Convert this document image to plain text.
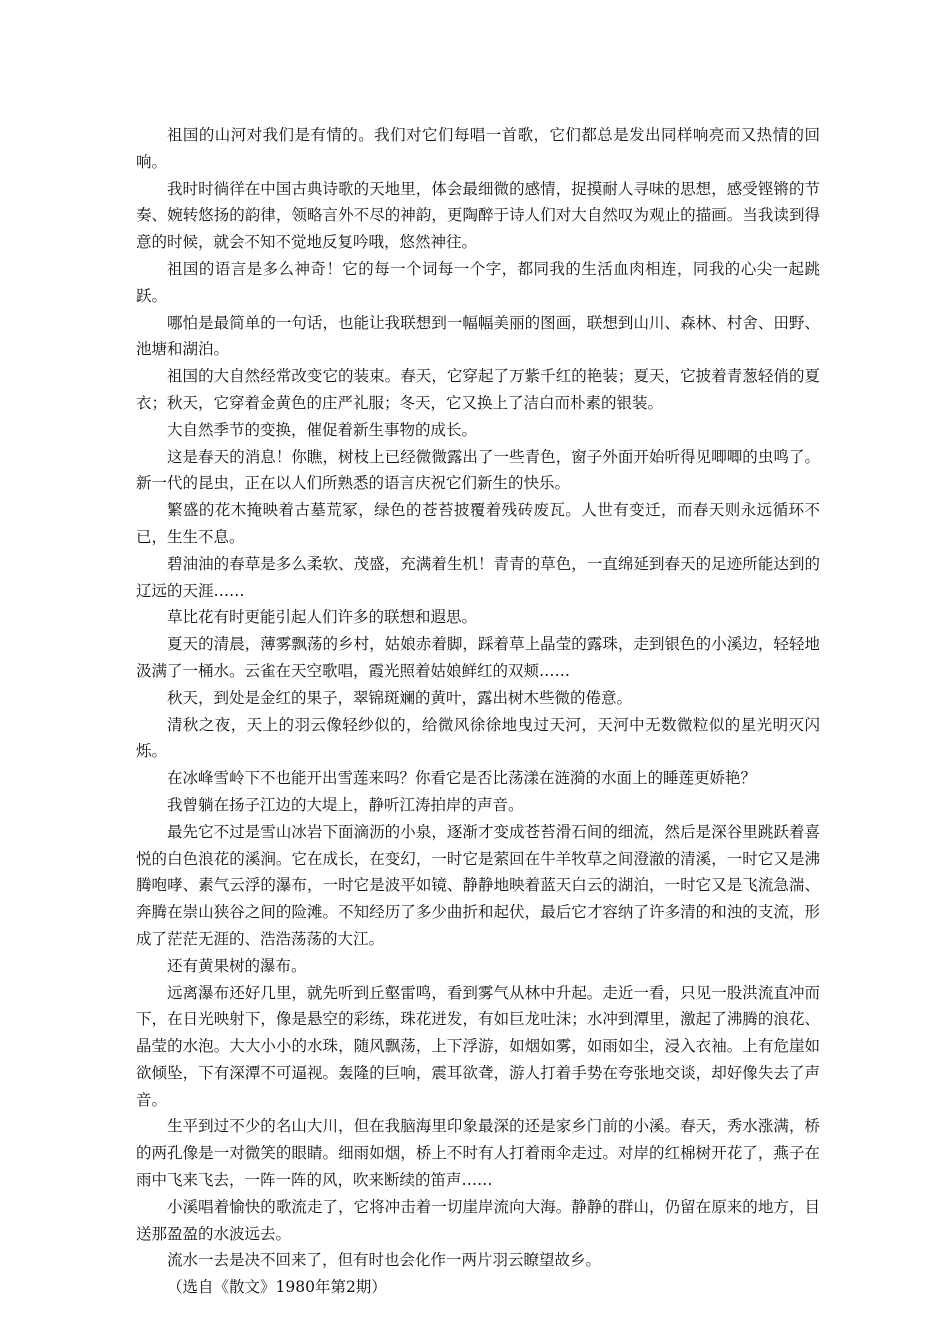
祖国的山河对我们是有情的。我们对它们每唱一首歌，它们都总是发出同样响亮而又热情的回响。

我时时徜徉在中国古典诗歌的天地里，体会最细微的感情，捉摸耐人寻味的思想，感受铿锵的节奏、婉转悠扬的韵律，领略言外不尽的神韵，更陶醉于诗人们对大自然叹为观止的描画。当我读到得意的时候，就会不知不觉地反复吟哦，悠然神往。

祖国的语言是多么神奇！它的每一个词每一个字，都同我的生活血肉相连，同我的心尖一起跳跃。

哪怕是最简单的一句话，也能让我联想到一幅幅美丽的图画，联想到山川、森林、村舍、田野、池塘和湖泊。

祖国的大自然经常改变它的装束。春天，它穿起了万紫千红的艳装；夏天，它披着青葱轻俏的夏衣；秋天，它穿着金黄色的庄严礼服；冬天，它又换上了洁白而朴素的银装。

大自然季节的变换，催促着新生事物的成长。

这是春天的消息！你瞧，树枝上已经微微露出了一些青色，窗子外面开始听得见唧唧的虫鸣了。新一代的昆虫，正在以人们所熟悉的语言庆祝它们新生的快乐。

繁盛的花木掩映着古墓荒冢，绿色的苍苔披覆着残砖废瓦。人世有变迁，而春天则永远循环不已，生生不息。

碧油油的春草是多么柔软、茂盛，充满着生机！青青的草色，一直绵延到春天的足迹所能达到的辽远的天涯……

草比花有时更能引起人们许多的联想和遐思。

夏天的清晨，薄雾飘荡的乡村，姑娘赤着脚，踩着草上晶莹的露珠，走到银色的小溪边，轻轻地汲满了一桶水。云雀在天空歌唱，霞光照着姑娘鲜红的双颊……

秋天，到处是金红的果子，翠锦斑斓的黄叶，露出树木些微的倦意。

清秋之夜，天上的羽云像轻纱似的，给微风徐徐地曳过天河，天河中无数微粒似的星光明灭闪烁。

在冰峰雪岭下不也能开出雪莲来吗？你看它是否比荡漾在涟漪的水面上的睡莲更娇艳？

我曾躺在扬子江边的大堤上，静听江涛拍岸的声音。

最先它不过是雪山冰岩下面滴沥的小泉，逐渐才变成苍苔滑石间的细流，然后是深谷里跳跃着喜悦的白色浪花的溪涧。它在成长，在变幻，一时它是萦回在牛羊牧草之间澄澈的清溪，一时它又是沸腾咆哮、素气云浮的瀑布，一时它是波平如镜、静静地映着蓝天白云的湖泊，一时它又是飞流急湍、奔腾在崇山狭谷之间的险滩。不知经历了多少曲折和起伏，最后它才容纳了许多清的和浊的支流，形成了茫茫无涯的、浩浩荡荡的大江。

还有黄果树的瀑布。

远离瀑布还好几里，就先听到丘壑雷鸣，看到雾气从林中升起。走近一看，只见一股洪流直冲而下，在日光映射下，像是悬空的彩练，珠花迸发，有如巨龙吐沫；水冲到潭里，激起了沸腾的浪花、晶莹的水泡。大大小小的水珠，随风飘荡，上下浮游，如烟如雾，如雨如尘，浸入衣袖。上有危崖如欲倾坠，下有深潭不可逼视。轰隆的巨响，震耳欲聋，游人打着手势在夸张地交谈，却好像失去了声音。

生平到过不少的名山大川，但在我脑海里印象最深的还是家乡门前的小溪。春天，秀水涨满，桥的两孔像是一对微笑的眼睛。细雨如烟，桥上不时有人打着雨伞走过。对岸的红棉树开花了，燕子在雨中飞来飞去，一阵一阵的风，吹来断续的笛声……

小溪唱着愉快的歌流走了，它将冲击着一切崖岸流向大海。静静的群山，仍留在原来的地方，目送那盈盈的水波远去。

流水一去是决不回来了，但有时也会化作一两片羽云瞭望故乡。

（选自《散文》1980年第2期）
